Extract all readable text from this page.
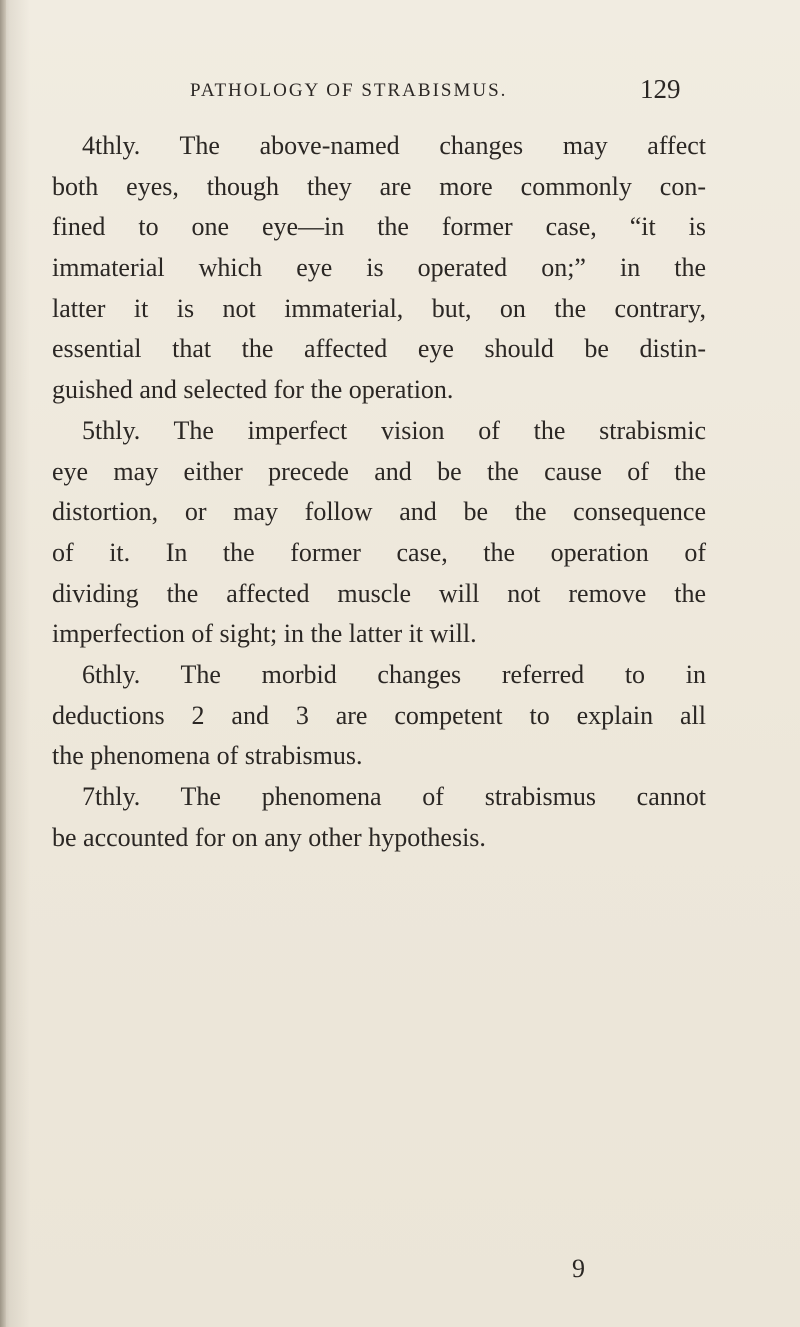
PATHOLOGY OF STRABISMUS.	129
4thly. The above-named changes may affect
both eyes, though they are more commonly con-
fined to one eye—in the former case, “it is
immaterial which eye is operated on;” in the
latter it is not immaterial, but, on the contrary,
essential that the affected eye should be distin-
guished and selected for the operation.
5thly. The imperfect vision of the strabismic
eye may either precede and be the cause of the
distortion, or may follow and be the consequence
of it. In the former case, the operation of
dividing the affected muscle will not remove the
imperfection of sight; in the latter it will.
6thly. The morbid changes referred to in
deductions 2 and 3 are competent to explain all
the phenomena of strabismus.
7thly. The phenomena of strabismus cannot
be accounted for on any other hypothesis.
9
